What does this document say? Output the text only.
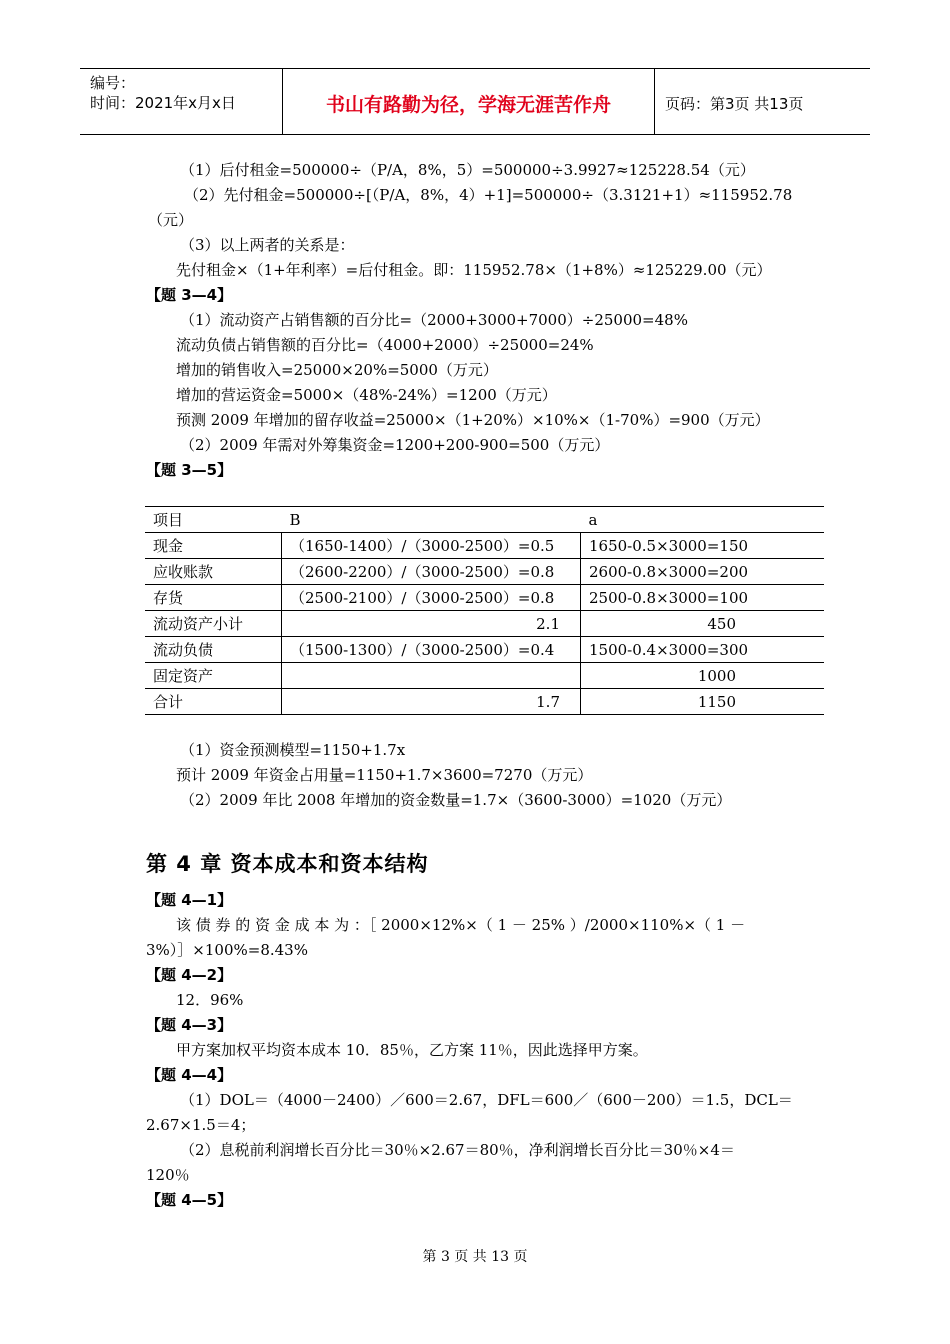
编号：
时间：2021年x月x日	书山有路勤为径，学海无涯苦作舟	页码：第3页 共13页
（1）后付租金=500000÷（P/A，8%，5）=500000÷3.9927≈125228.54（元）
（2）先付租金=500000÷[（P/A，8%，4）+1]=500000÷（3.3121+1）≈115952.78
（元）
（3）以上两者的关系是：
先付租金×（1+年利率）=后付租金。即：115952.78×（1+8%）≈125229.00（元）
【题 3—4】
（1）流动资产占销售额的百分比=（2000+3000+7000）÷25000=48%
流动负债占销售额的百分比=（4000+2000）÷25000=24%
增加的销售收入=25000×20%=5000（万元）
增加的营运资金=5000×（48%-24%）=1200（万元）
预测 2009 年增加的留存收益=25000×（1+20%）×10%×（1-70%）=900（万元）
（2）2009 年需对外筹集资金=1200+200-900=500（万元）
【题 3—5】
项目	B	a
现金	（1650-1400）/（3000-2500）=0.5	1650-0.5×3000=150
应收账款	（2600-2200）/（3000-2500）=0.8	2600-0.8×3000=200
存货	（2500-2100）/（3000-2500）=0.8	2500-0.8×3000=100
流动资产小计	2.1	450
流动负债	（1500-1300）/（3000-2500）=0.4	1500-0.4×3000=300
固定资产		1000
合计	1.7	1150
（1）资金预测模型=1150+1.7x
预计 2009 年资金占用量=1150+1.7×3600=7270（万元）
（2）2009 年比 2008 年增加的资金数量=1.7×（3600-3000）=1020（万元）
第 4 章 资本成本和资本结构
【题 4—1】
该 债 券 的 资 金 成 本 为 ：［ 2000×12%×（ 1 － 25% ）/2000×110%×（ 1 －
3%）］×100%=8.43%
【题 4—2】
12．96%
【题 4—3】
甲方案加权平均资本成本 10．85％，乙方案 11％，因此选择甲方案。
【题 4—4】
（1）DOL＝（4000－2400）／600＝2.67，DFL＝600／（600－200）＝1.5，DCL＝
2.67×1.5＝4；
（2）息税前利润增长百分比＝30％×2.67＝80％，净利润增长百分比＝30％×4＝
120％
【题 4—5】
第 3 页 共 13 页
